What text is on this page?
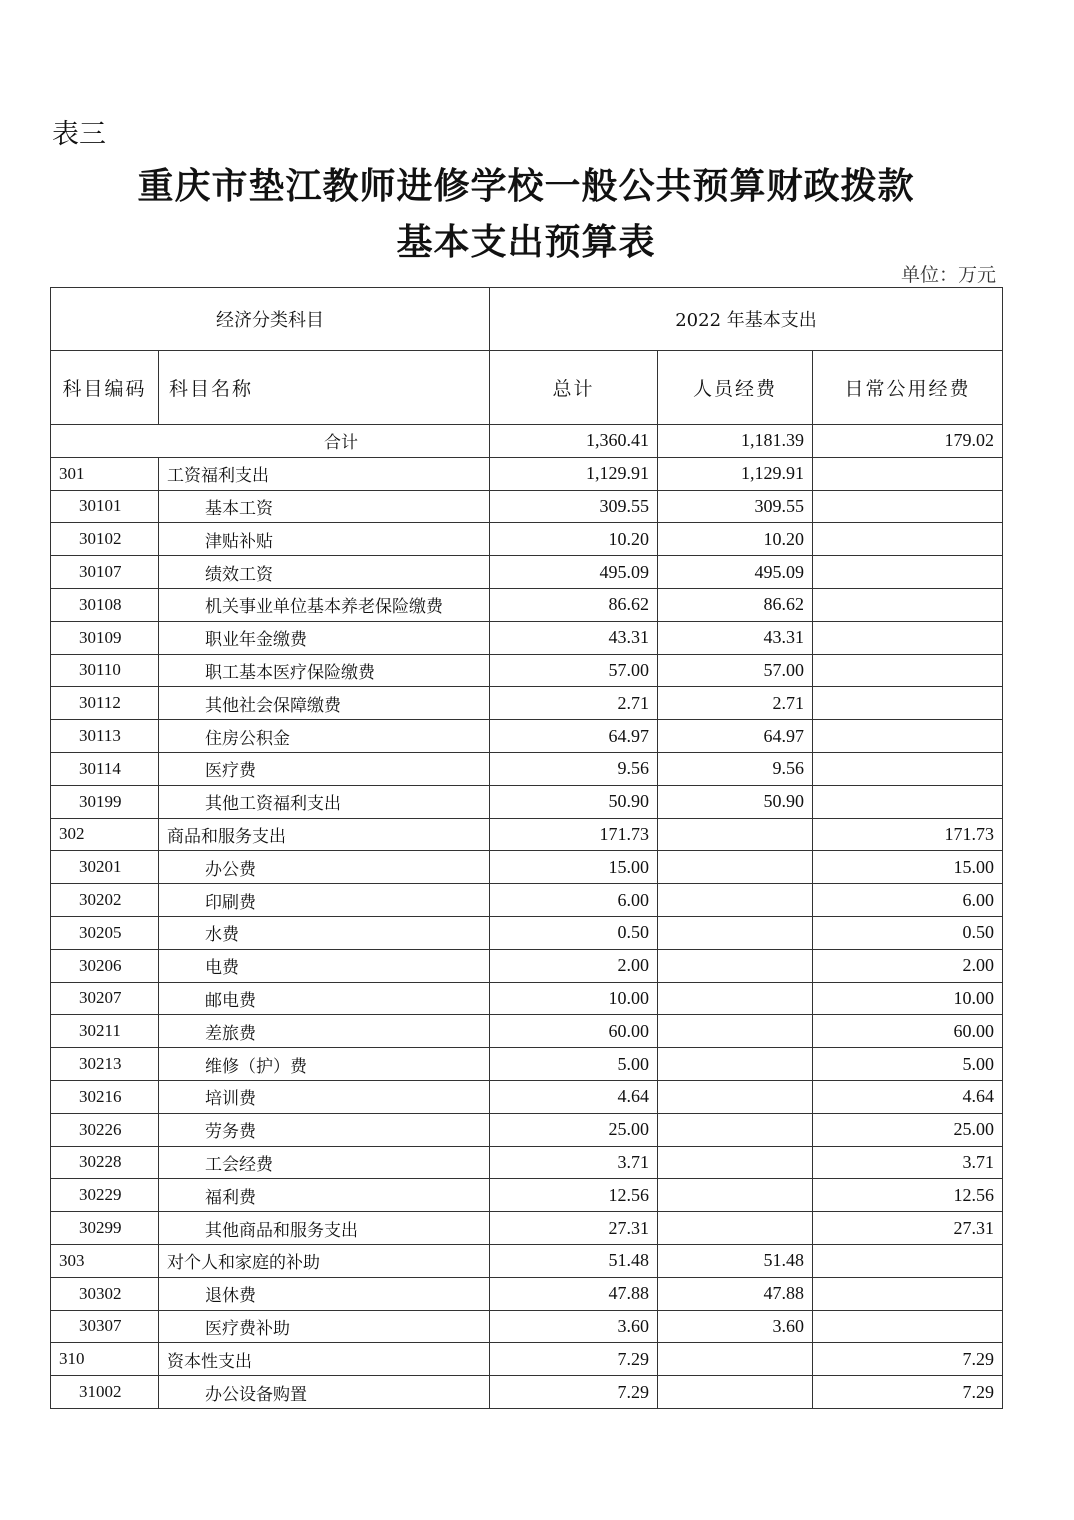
表三
重庆市垫江教师进修学校一般公共预算财政拨款
基本支出预算表
单位：万元
经济分类科目		2022 年基本支出		
科目编码	科目名称	总计	人员经费	日常公用经费
合计		1,360.41	1,181.39	179.02
301	工资福利支出	1,129.91	1,129.91	
30101	基本工资	309.55	309.55	
30102	津贴补贴	10.20	10.20	
30107	绩效工资	495.09	495.09	
30108	机关事业单位基本养老保险缴费	86.62	86.62	
30109	职业年金缴费	43.31	43.31	
30110	职工基本医疗保险缴费	57.00	57.00	
30112	其他社会保障缴费	2.71	2.71	
30113	住房公积金	64.97	64.97	
30114	医疗费	9.56	9.56	
30199	其他工资福利支出	50.90	50.90	
302	商品和服务支出	171.73		171.73
30201	办公费	15.00		15.00
30202	印刷费	6.00		6.00
30205	水费	0.50		0.50
30206	电费	2.00		2.00
30207	邮电费	10.00		10.00
30211	差旅费	60.00		60.00
30213	维修（护）费	5.00		5.00
30216	培训费	4.64		4.64
30226	劳务费	25.00		25.00
30228	工会经费	3.71		3.71
30229	福利费	12.56		12.56
30299	其他商品和服务支出	27.31		27.31
303	对个人和家庭的补助	51.48	51.48	
30302	退休费	47.88	47.88	
30307	医疗费补助	3.60	3.60	
310	资本性支出	7.29		7.29
31002	办公设备购置	7.29		7.29
